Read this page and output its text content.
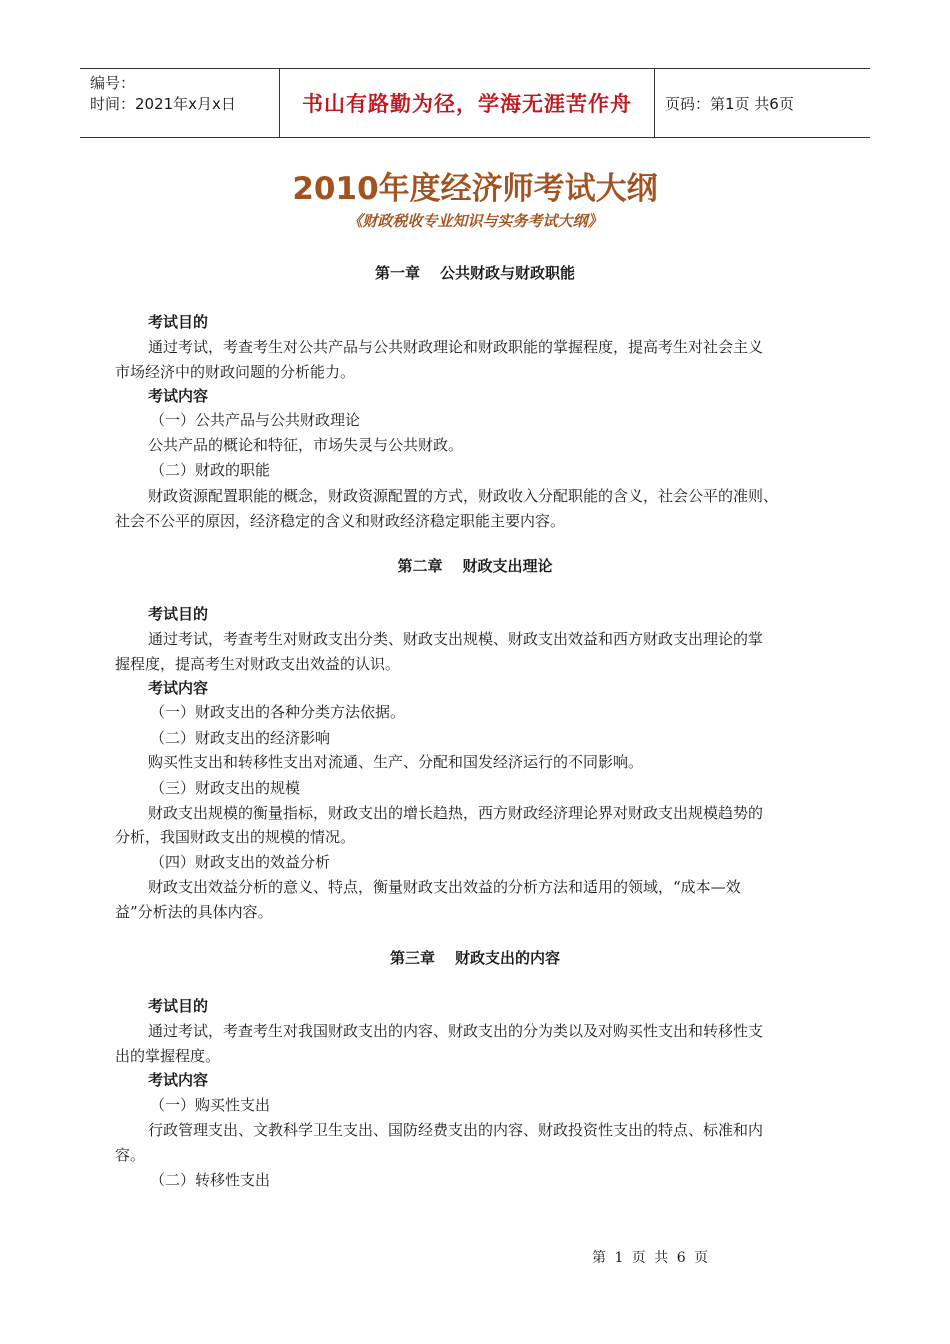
编号：
时间：2021年x月x日	书山有路勤为径，学海无涯苦作舟	页码：第1页 共6页
2010年度经济师考试大纲
《财政税收专业知识与实务考试大纲》
第一章 公共财政与财政职能
考试目的
通过考试，考查考生对公共产品与公共财政理论和财政职能的掌握程度，提高考生对社会主义
市场经济中的财政问题的分析能力。
考试内容
（一）公共产品与公共财政理论
公共产品的概论和特征，市场失灵与公共财政。
（二）财政的职能
财政资源配置职能的概念，财政资源配置的方式，财政收入分配职能的含义，社会公平的准则、
社会不公平的原因，经济稳定的含义和财政经济稳定职能主要内容。
第二章 财政支出理论
考试目的
通过考试，考查考生对财政支出分类、财政支出规模、财政支出效益和西方财政支出理论的掌
握程度，提高考生对财政支出效益的认识。
考试内容
（一）财政支出的各种分类方法依据。
（二）财政支出的经济影响
购买性支出和转移性支出对流通、生产、分配和国发经济运行的不同影响。
（三）财政支出的规模
财政支出规模的衡量指标，财政支出的增长趋热，西方财政经济理论界对财政支出规模趋势的
分析，我国财政支出的规模的情况。
（四）财政支出的效益分析
财政支出效益分析的意义、特点，衡量财政支出效益的分析方法和适用的领域，“成本—效
益”分析法的具体内容。
第三章 财政支出的内容
考试目的
通过考试，考查考生对我国财政支出的内容、财政支出的分为类以及对购买性支出和转移性支
出的掌握程度。
考试内容
（一）购买性支出
行政管理支出、文教科学卫生支出、国防经费支出的内容、财政投资性支出的特点、标准和内
容。
（二）转移性支出
第 1 页 共 6 页
